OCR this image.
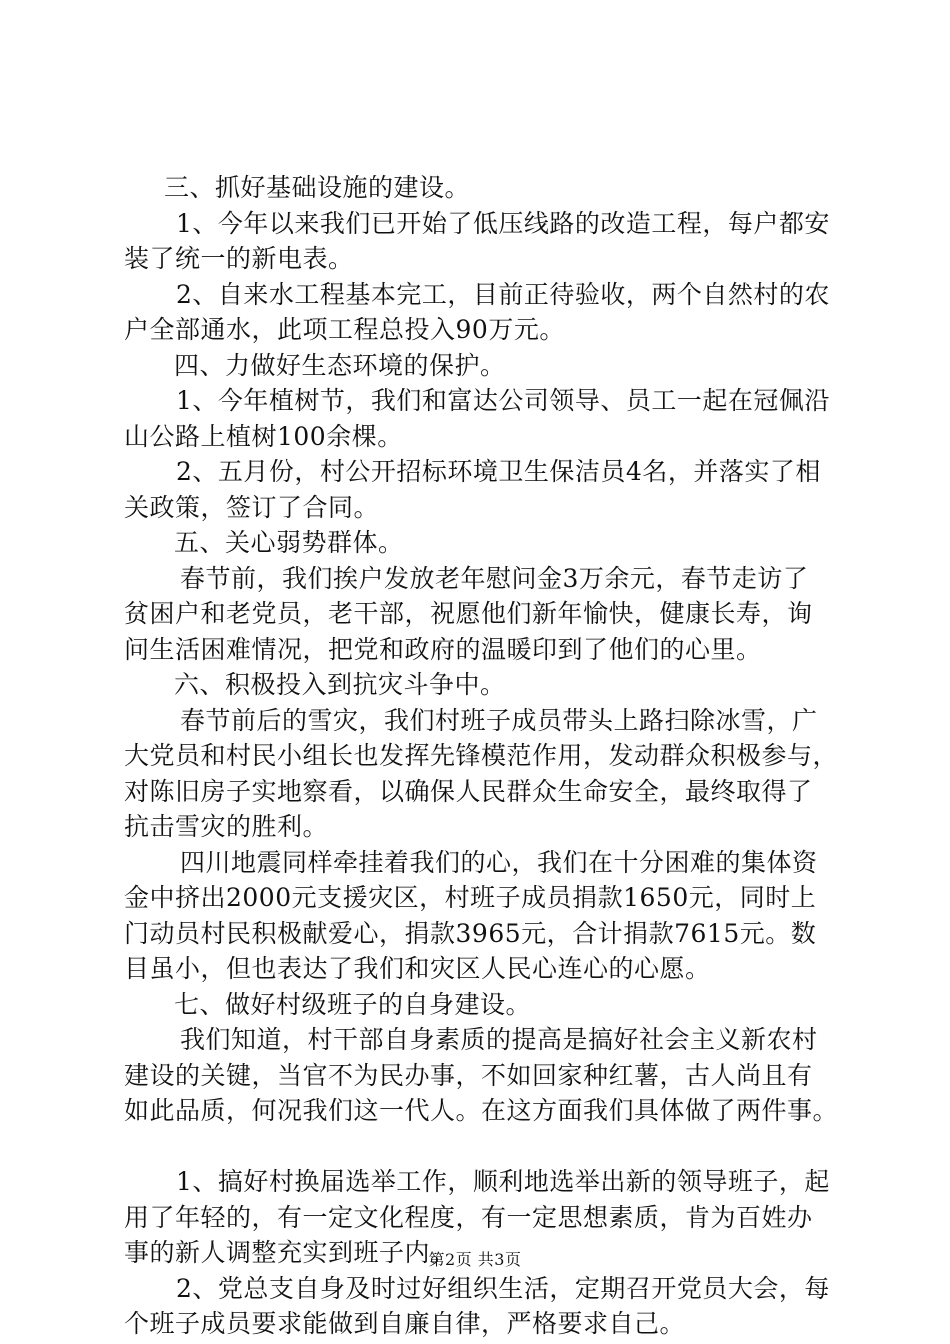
三、抓好基础设施的建设。
1、今年以来我们已开始了低压线路的改造工程，每户都安
装了统一的新电表。
2、自来水工程基本完工，目前正待验收，两个自然村的农
户全部通水，此项工程总投入90万元。
四、力做好生态环境的保护。
1、今年植树节，我们和富达公司领导、员工一起在冠佩沿
山公路上植树100余棵。
2、五月份，村公开招标环境卫生保洁员4名，并落实了相
关政策，签订了合同。
五、关心弱势群体。
春节前，我们挨户发放老年慰问金3万余元，春节走访了
贫困户和老党员，老干部，祝愿他们新年愉快，健康长寿，询
问生活困难情况，把党和政府的温暖印到了他们的心里。
六、积极投入到抗灾斗争中。
春节前后的雪灾，我们村班子成员带头上路扫除冰雪，广
大党员和村民小组长也发挥先锋模范作用，发动群众积极参与，
对陈旧房子实地察看，以确保人民群众生命安全，最终取得了
抗击雪灾的胜利。
四川地震同样牵挂着我们的心，我们在十分困难的集体资
金中挤出2000元支援灾区，村班子成员捐款1650元，同时上
门动员村民积极献爱心，捐款3965元，合计捐款7615元。数
目虽小，但也表达了我们和灾区人民心连心的心愿。
七、做好村级班子的自身建设。
我们知道，村干部自身素质的提高是搞好社会主义新农村
建设的关键，当官不为民办事，不如回家种红薯，古人尚且有
如此品质，何况我们这一代人。在这方面我们具体做了两件事。
1、搞好村换届选举工作，顺利地选举出新的领导班子，起
用了年轻的，有一定文化程度，有一定思想素质，肯为百姓办
事的新人调整充实到班子内。
2、党总支自身及时过好组织生活，定期召开党员大会，每
个班子成员要求能做到自廉自律，严格要求自己。
第2页 共3页
